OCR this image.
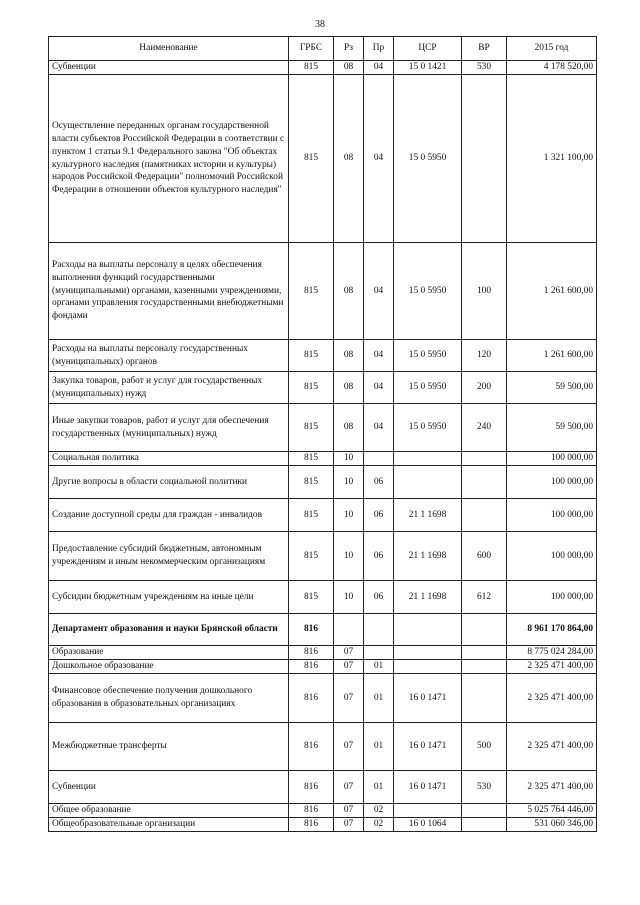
38
Наименование	ГРБС	Рз	Пр	ЦСР	ВР	2015 год
Субвенции	815	08	04	15 0 1421	530	4 178 520,00
Осуществление переданных органам государственной власти субъектов Российской Федерации в соответствии с пунктом 1 статьи 9.1 Федерального закона "Об объектах культурного наследия (памятниках истории и культуры) народов Российской Федерации" полномочий Российской Федерации в отношении объектов культурного наследия"	815	08	04	15 0 5950		1 321 100,00
Расходы на выплаты персоналу в целях обеспечения выполнения функций государственными (муниципальными) органами, казенными учреждениями, органами управления государственными внебюджетными фондами	815	08	04	15 0 5950	100	1 261 600,00
Расходы на выплаты персоналу государственных (муниципальных) органов	815	08	04	15 0 5950	120	1 261 600,00
Закупка товаров, работ и услуг для государственных (муниципальных) нужд	815	08	04	15 0 5950	200	59 500,00
Иные закупки товаров, работ и услуг для обеспечения государственных (муниципальных) нужд	815	08	04	15 0 5950	240	59 500,00
Социальная политика	815	10				100 000,00
Другие вопросы в области социальной политики	815	10	06			100 000,00
Создание доступной среды для граждан - инвалидов	815	10	06	21 1 1698		100 000,00
Предоставление субсидий бюджетным, автономным учреждениям и иным некоммерческим организациям	815	10	06	21 1 1698	600	100 000,00
Субсидии бюджетным учреждениям на иные цели	815	10	06	21 1 1698	612	100 000,00
Департамент образования и науки Брянской области	816					8 961 170 864,00
Образование	816	07				8 775 024 284,00
Дошкольное образование	816	07	01			2 325 471 400,00
Финансовое обеспечение получения дошкольного образования в образовательных организациях	816	07	01	16 0 1471		2 325 471 400,00
Межбюджетные трансферты	816	07	01	16 0 1471	500	2 325 471 400,00
Субвенции	816	07	01	16 0 1471	530	2 325 471 400,00
Общее образование	816	07	02			5 025 764 446,00
Общеобразовательные организации	816	07	02	16 0 1064		531 060 346,00
